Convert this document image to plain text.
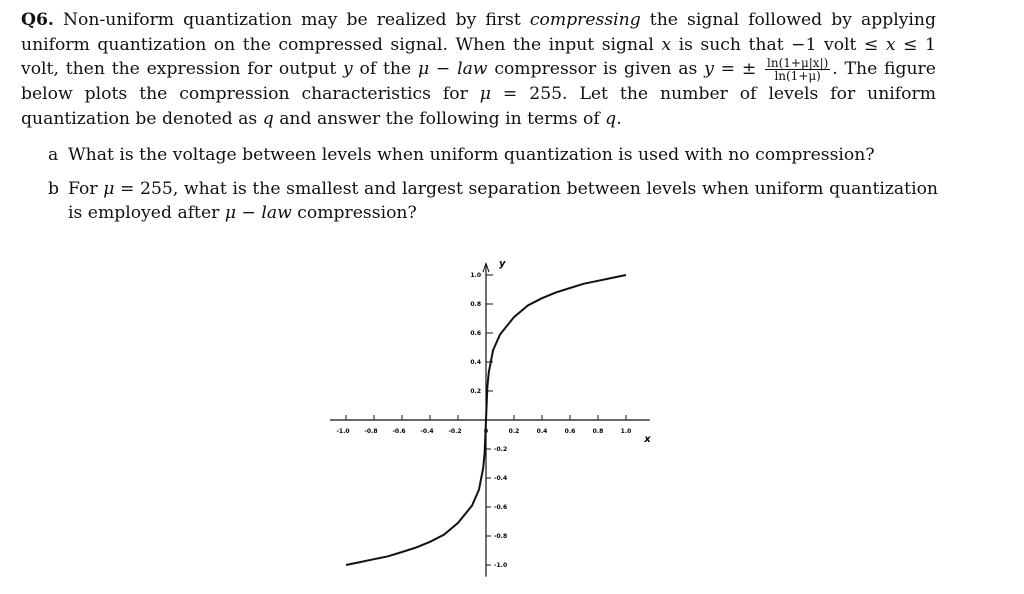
Q6. Non-uniform quantization may be realized by first compressing the signal followed by applying uniform quantization on the compressed signal. When the input signal x is such that −1 volt ≤ x ≤ 1 volt, then the expression for output y of the μ − law compressor is given as y = ± $\frac{\ln(1+\mu|x|)}{\ln(1+\mu)}$ . The figure below plots the compression characteristics for μ = 255. Let the number of levels for uniform quantization be denoted as q and answer the following in terms of q.

a What is the voltage between levels when uniform quantization is used with no compression?
b For μ = 255, what is the smallest and largest separation between levels when uniform quantization is employed after μ − law compression?
-1.0 -0.8 -0.6 -0.4 -0.2	0	0.2	0.4	0.6	0.8	1.0
1.0
0.8
0.6
0.4
0.2
-0.2
-0.4
-0.6
-0.8
-1.0
x
y
